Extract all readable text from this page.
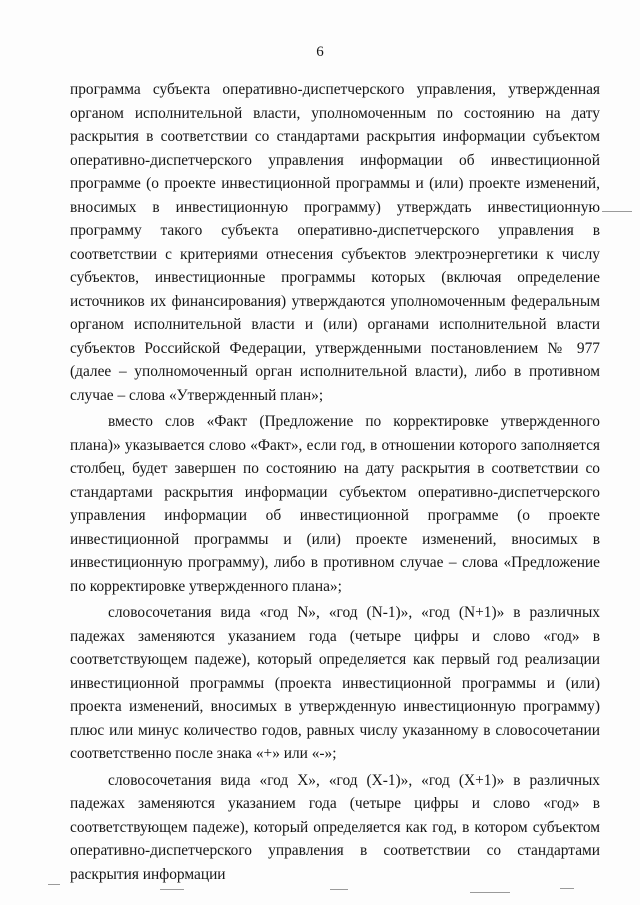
6

программа субъекта оперативно-диспетчерского управления, утвержденная органом исполнительной власти, уполномоченным по состоянию на дату раскрытия в соответствии со стандартами раскрытия информации субъектом оперативно-диспетчерского управления информации об инвестиционной программе (о проекте инвестиционной программы и (или) проекте изменений, вносимых в инвестиционную программу) утверждать инвестиционную программу такого субъекта оперативно-диспетчерского управления в соответствии с критериями отнесения субъектов электроэнергетики к числу субъектов, инвестиционные программы которых (включая определение источников их финансирования) утверждаются уполномоченным федеральным органом исполнительной власти и (или) органами исполнительной власти субъектов Российской Федерации, утвержденными постановлением № 977 (далее – уполномоченный орган исполнительной власти), либо в противном случае – слова «Утвержденный план»;

вместо слов «Факт (Предложение по корректировке утвержденного плана)» указывается слово «Факт», если год, в отношении которого заполняется столбец, будет завершен по состоянию на дату раскрытия в соответствии со стандартами раскрытия информации субъектом оперативно-диспетчерского управления информации об инвестиционной программе (о проекте инвестиционной программы и (или) проекте изменений, вносимых в инвестиционную программу), либо в противном случае – слова «Предложение по корректировке утвержденного плана»;

словосочетания вида «год N», «год (N-1)», «год (N+1)» в различных падежах заменяются указанием года (четыре цифры и слово «год» в соответствующем падеже), который определяется как первый год реализации инвестиционной программы (проекта инвестиционной программы и (или) проекта изменений, вносимых в утвержденную инвестиционную программу) плюс или минус количество годов, равных числу указанному в словосочетании соответственно после знака «+» или «-»;

словосочетания вида «год X», «год (X-1)», «год (X+1)» в различных падежах заменяются указанием года (четыре цифры и слово «год» в соответствующем падеже), который определяется как год, в котором субъектом оперативно-диспетчерского управления в соответствии со стандартами раскрытия информации
